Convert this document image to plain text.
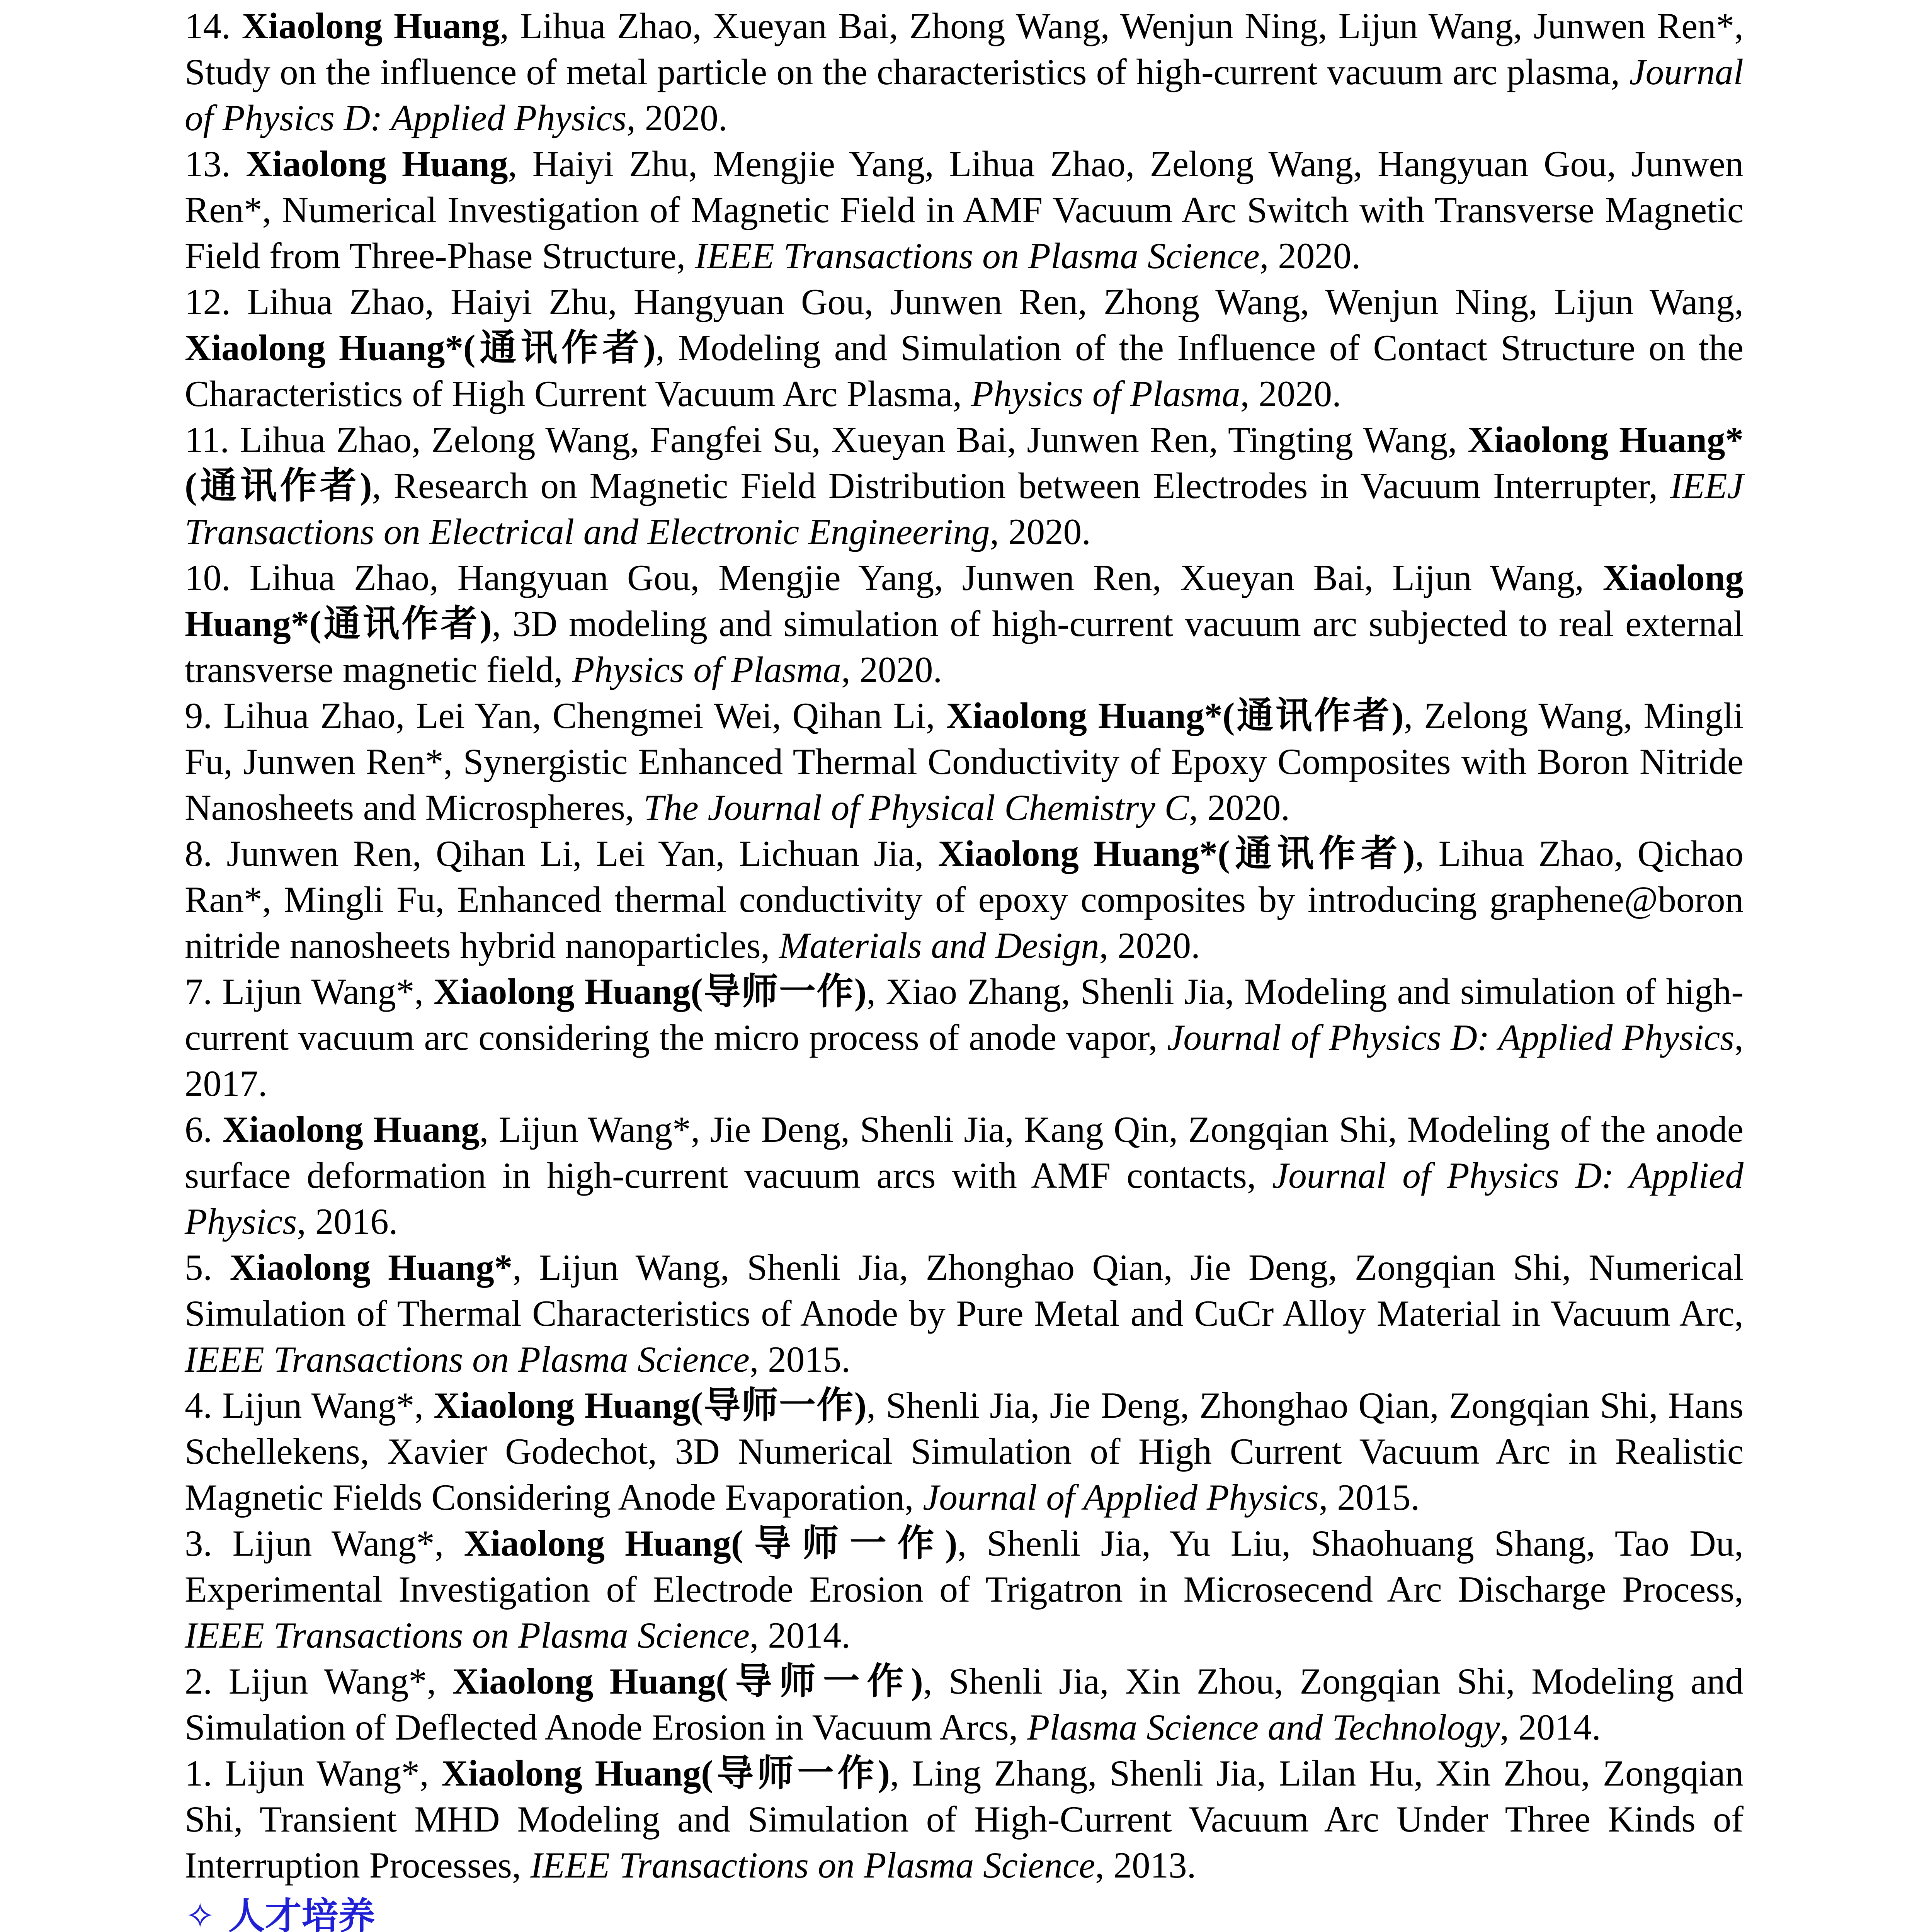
14. Xiaolong Huang, Lihua Zhao, Xueyan Bai, Zhong Wang, Wenjun Ning, Lijun Wang, Junwen Ren*, Study on the influence of metal particle on the characteristics of high-current vacuum arc plasma, Journal of Physics D: Applied Physics, 2020.

13. Xiaolong Huang, Haiyi Zhu, Mengjie Yang, Lihua Zhao, Zelong Wang, Hangyuan Gou, Junwen Ren*, Numerical Investigation of Magnetic Field in AMF Vacuum Arc Switch with Transverse Magnetic Field from Three-Phase Structure, IEEE Transactions on Plasma Science, 2020.

12. Lihua Zhao, Haiyi Zhu, Hangyuan Gou, Junwen Ren, Zhong Wang, Wenjun Ning, Lijun Wang, Xiaolong Huang*(通讯作者), Modeling and Simulation of the Influence of Contact Structure on the Characteristics of High Current Vacuum Arc Plasma, Physics of Plasma, 2020.

11. Lihua Zhao, Zelong Wang, Fangfei Su, Xueyan Bai, Junwen Ren, Tingting Wang, Xiaolong Huang*(通讯作者), Research on Magnetic Field Distribution between Electrodes in Vacuum Interrupter, IEEJ Transactions on Electrical and Electronic Engineering, 2020.

10. Lihua Zhao, Hangyuan Gou, Mengjie Yang, Junwen Ren, Xueyan Bai, Lijun Wang, Xiaolong Huang*(通讯作者), 3D modeling and simulation of high-current vacuum arc subjected to real external transverse magnetic field, Physics of Plasma, 2020.

9. Lihua Zhao, Lei Yan, Chengmei Wei, Qihan Li, Xiaolong Huang*(通讯作者), Zelong Wang, Mingli Fu, Junwen Ren*, Synergistic Enhanced Thermal Conductivity of Epoxy Composites with Boron Nitride Nanosheets and Microspheres, The Journal of Physical Chemistry C, 2020.

8. Junwen Ren, Qihan Li, Lei Yan, Lichuan Jia, Xiaolong Huang*(通讯作者), Lihua Zhao, Qichao Ran*, Mingli Fu, Enhanced thermal conductivity of epoxy composites by introducing graphene@boron nitride nanosheets hybrid nanoparticles, Materials and Design, 2020.

7. Lijun Wang*, Xiaolong Huang(导师一作), Xiao Zhang, Shenli Jia, Modeling and simulation of high-current vacuum arc considering the micro process of anode vapor, Journal of Physics D: Applied Physics, 2017.

6. Xiaolong Huang, Lijun Wang*, Jie Deng, Shenli Jia, Kang Qin, Zongqian Shi, Modeling of the anode surface deformation in high-current vacuum arcs with AMF contacts, Journal of Physics D: Applied Physics, 2016.

5. Xiaolong Huang*, Lijun Wang, Shenli Jia, Zhonghao Qian, Jie Deng, Zongqian Shi, Numerical Simulation of Thermal Characteristics of Anode by Pure Metal and CuCr Alloy Material in Vacuum Arc, IEEE Transactions on Plasma Science, 2015.

4. Lijun Wang*, Xiaolong Huang(导师一作), Shenli Jia, Jie Deng, Zhonghao Qian, Zongqian Shi, Hans Schellekens, Xavier Godechot, 3D Numerical Simulation of High Current Vacuum Arc in Realistic Magnetic Fields Considering Anode Evaporation, Journal of Applied Physics, 2015.

3. Lijun Wang*, Xiaolong Huang(导师一作), Shenli Jia, Yu Liu, Shaohuang Shang, Tao Du, Experimental Investigation of Electrode Erosion of Trigatron in Microsecend Arc Discharge Process, IEEE Transactions on Plasma Science, 2014.

2. Lijun Wang*, Xiaolong Huang(导师一作), Shenli Jia, Xin Zhou, Zongqian Shi, Modeling and Simulation of Deflected Anode Erosion in Vacuum Arcs, Plasma Science and Technology, 2014.

1. Lijun Wang*, Xiaolong Huang(导师一作), Ling Zhang, Shenli Jia, Lilan Hu, Xin Zhou, Zongqian Shi, Transient MHD Modeling and Simulation of High-Current Vacuum Arc Under Three Kinds of Interruption Processes, IEEE Transactions on Plasma Science, 2013.

✧ 人才培养
